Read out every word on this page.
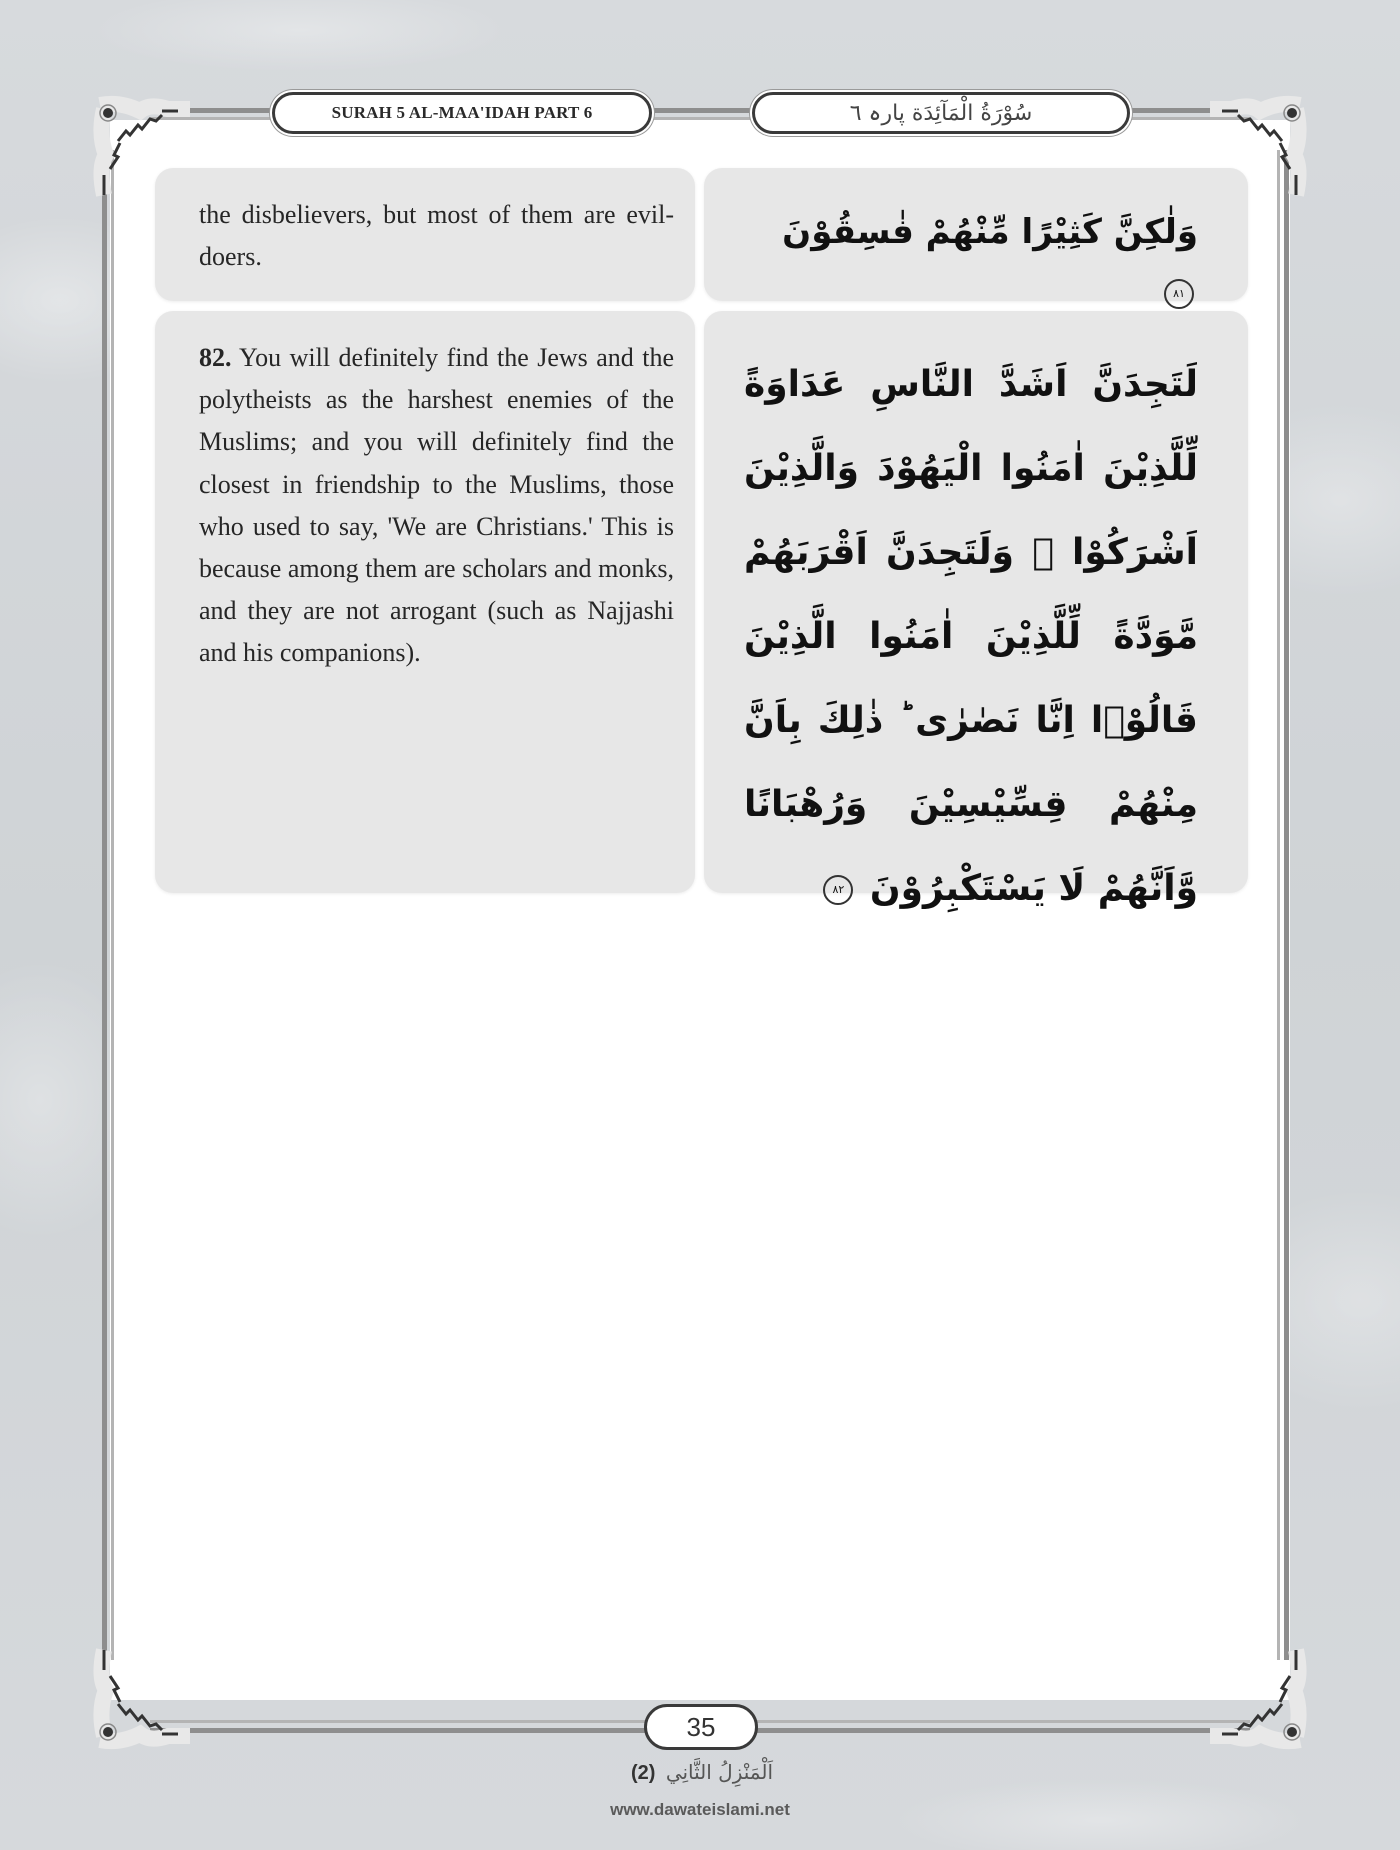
SURAH 5 AL-MAA'IDAH PART 6	سُوْرَةُ الْمَآئِدَة پارہ ٦

the disbelievers, but most of them are evil-doers.

وَلٰكِنَّ كَثِيْرًا مِّنْهُمْ فٰسِقُوْنَ ٨١

82. You will definitely find the Jews and the polytheists as the harshest enemies of the Muslims; and you will definitely find the closest in friendship to the Muslims, those who used to say, 'We are Christians.' This is because among them are scholars and monks, and they are not arrogant (such as Najjashi and his companions).

لَتَجِدَنَّ اَشَدَّ النَّاسِ عَدَاوَةً لِّلَّذِيْنَ اٰمَنُوا الْيَهُوْدَ وَالَّذِيْنَ اَشْرَكُوْا ۚ وَلَتَجِدَنَّ اَقْرَبَهُمْ مَّوَدَّةً لِّلَّذِيْنَ اٰمَنُوا الَّذِيْنَ قَالُوْۤا اِنَّا نَصٰرٰى ؕ ذٰلِكَ بِاَنَّ مِنْهُمْ قِسِّيْسِيْنَ وَرُهْبَانًا وَّاَنَّهُمْ لَا يَسْتَكْبِرُوْنَ ٨٢

35
اَلْمَنْزِلُ الثَّانِي (2)
www.dawateislami.net
